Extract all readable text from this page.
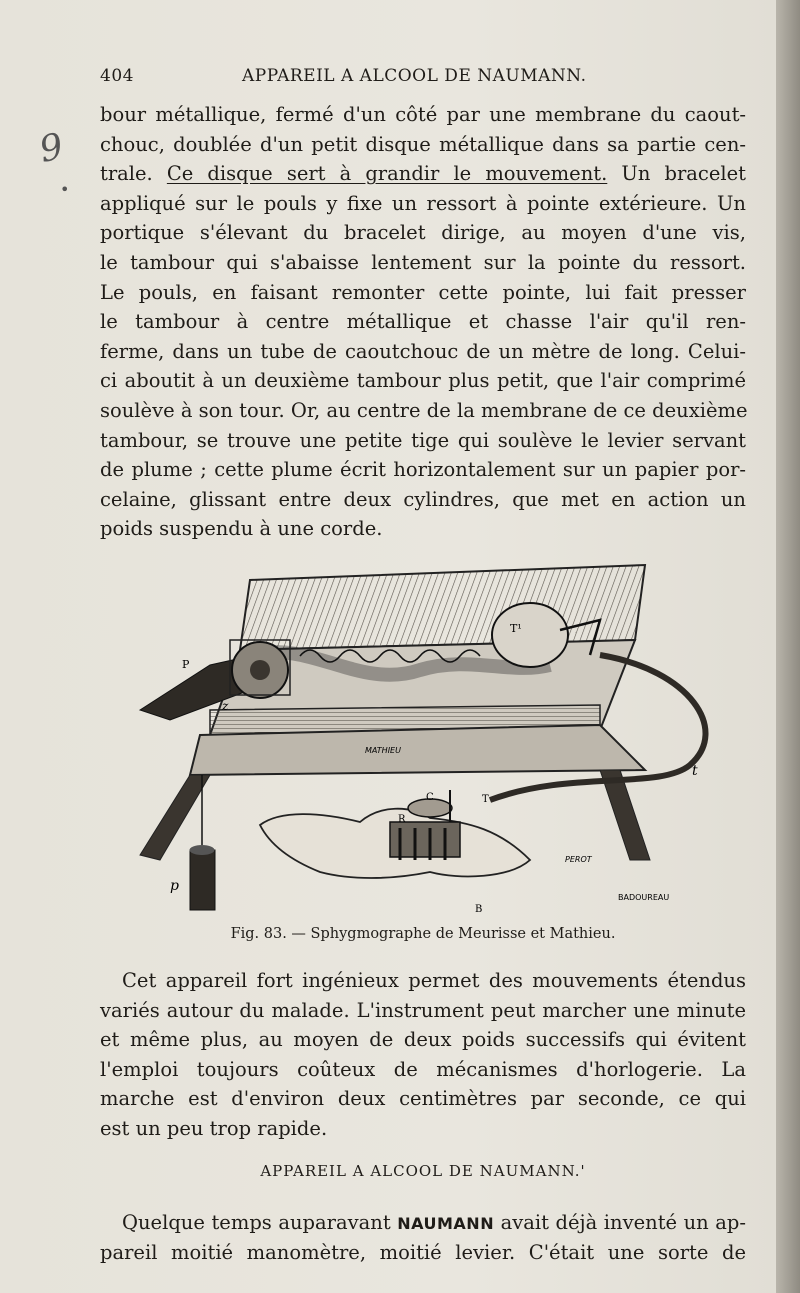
404	APPAREIL A ALCOOL DE NAUMANN.
9
•
bour métallique, fermé d'un côté par une membrane du caout-
chouc, doublée d'un petit disque métallique dans sa partie cen-
trale. Ce disque sert à grandir le mouvement. Un bracelet
appliqué sur le pouls y fixe un ressort à pointe extérieure. Un
portique s'élevant du bracelet dirige, au moyen d'une vis,
le tambour qui s'abaisse lentement sur la pointe du ressort.
Le pouls, en faisant remonter cette pointe, lui fait presser
le tambour à centre métallique et chasse l'air qu'il ren-
ferme, dans un tube de caoutchouc de un mètre de long. Celui-
ci aboutit à un deuxième tambour plus petit, que l'air comprimé
soulève à son tour. Or, au centre de la membrane de ce deuxième
tambour, se trouve une petite tige qui soulève le levier servant
de plume ; cette plume écrit horizontalement sur un papier por-
celaine, glissant entre deux cylindres, que met en action un
poids suspendu à une corde.
P
z
T¹
t
C	T
R
B
p
MATHIEU
PEROT
BADOUREAU
Fig. 83. — Sphygmographe de Meurisse et Mathieu.
Cet appareil fort ingénieux permet des mouvements étendus
variés autour du malade. L'instrument peut marcher une minute
et même plus, au moyen de deux poids successifs qui évitent
l'emploi toujours coûteux de mécanismes d'horlogerie. La
marche est d'environ deux centimètres par seconde, ce qui
est un peu trop rapide.
APPAREIL A ALCOOL DE NAUMANN.'
Quelque temps auparavant NAUMANN avait déjà inventé un ap-
pareil moitié manomètre, moitié levier. C'était une sorte de
